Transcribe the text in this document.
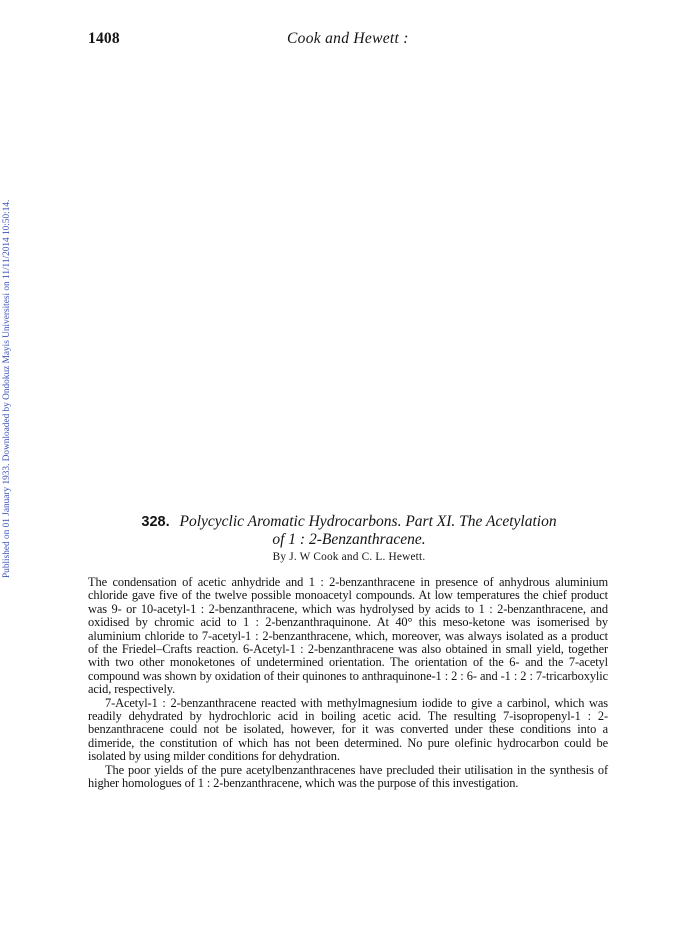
1408	Cook and Hewett :
Published on 01 January 1933. Downloaded by Ondokuz Mayis Universitesi on 11/11/2014 10:50:14.	328. Polycyclic Aromatic Hydrocarbons. Part XI. The Acetylation
of 1 : 2-Benzanthracene.
By J. W Cook and C. L. Hewett.

The condensation of acetic anhydride and 1 : 2-benzanthracene in presence of anhydrous aluminium chloride gave five of the twelve possible monoacetyl compounds. At low temperatures the chief product was 9- or 10-acetyl-1 : 2-benzanthracene, which was hydrolysed by acids to 1 : 2-benzanthracene, and oxidised by chromic acid to 1 : 2-benzanthraquinone. At 40° this meso-ketone was isomerised by aluminium chloride to 7-acetyl-1 : 2-benzanthracene, which, moreover, was always isolated as a product of the Friedel–Crafts reaction. 6-Acetyl-1 : 2-benzanthracene was also obtained in small yield, together with two other monoketones of undetermined orientation. The orientation of the 6- and the 7-acetyl compound was shown by oxidation of their quinones to anthraquinone-1 : 2 : 6- and -1 : 2 : 7-tricarboxylic acid, respectively.

7-Acetyl-1 : 2-benzanthracene reacted with methylmagnesium iodide to give a carbinol, which was readily dehydrated by hydrochloric acid in boiling acetic acid. The resulting 7-isopropenyl-1 : 2-benzanthracene could not be isolated, however, for it was converted under these conditions into a dimeride, the constitution of which has not been determined. No pure olefinic hydrocarbon could be isolated by using milder conditions for dehydration.

The poor yields of the pure acetylbenzanthracenes have precluded their utilisation in the synthesis of higher homologues of 1 : 2-benzanthracene, which was the purpose of this investigation.
